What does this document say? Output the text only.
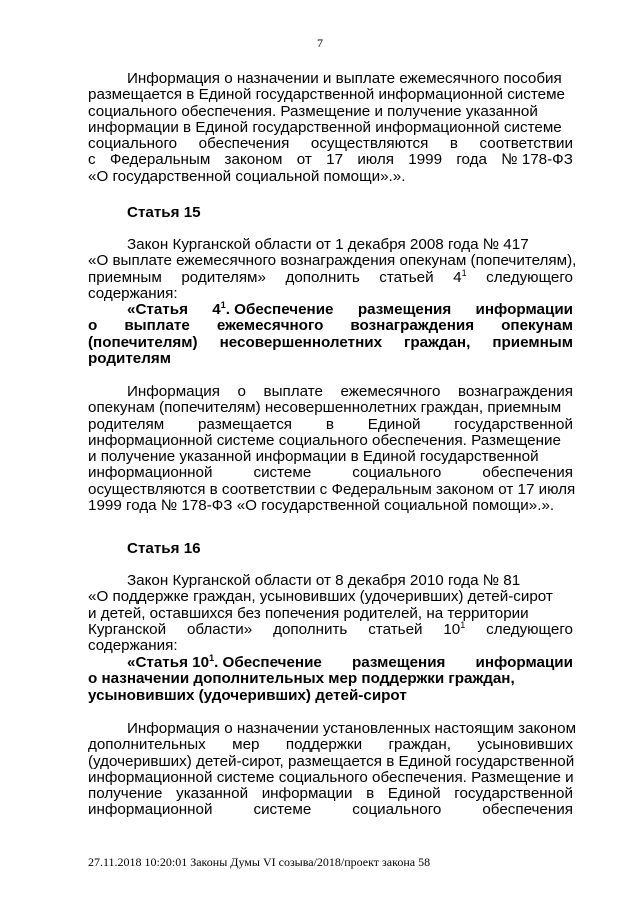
7
Информация о назначении и выплате ежемесячного пособия
размещается в Единой государственной информационной системе
социального обеспечения. Размещение и получение указанной
информации в Единой государственной информационной системе
социального обеспечения осуществляются в соответствии
с Федеральным законом от 17 июля 1999 года № 178-ФЗ
«О государственной социальной помощи».».
Статья 15
Закон Курганской области от 1 декабря 2008 года № 417
«О выплате ежемесячного вознаграждения опекунам (попечителям),
приемным родителям» дополнить статьей $4^1$ следующего
содержания:
«Статья $4^1$. Обеспечение размещения информации
о выплате ежемесячного вознаграждения опекунам
(попечителям) несовершеннолетних граждан, приемным
родителям
Информация о выплате ежемесячного вознаграждения
опекунам (попечителям) несовершеннолетних граждан, приемным
родителям размещается в Единой государственной
информационной системе социального обеспечения. Размещение
и получение указанной информации в Единой государственной
информационной	системе	социального	обеспечения
осуществляются в соответствии с Федеральным законом от 17 июля
1999 года № 178-ФЗ «О государственной социальной помощи».».
Статья 16
Закон Курганской области от 8 декабря 2010 года № 81
«О поддержке граждан, усыновивших (удочеривших) детей-сирот
и детей, оставшихся без попечения родителей, на территории
Курганской области» дополнить статьей $10^1$ следующего
содержания:
«Статья $10^1$. Обеспечение размещения информации
о назначении дополнительных мер поддержки граждан,
усыновивших (удочеривших) детей-сирот
Информация о назначении установленных настоящим законом
дополнительных мер поддержки граждан, усыновивших
(удочеривших) детей-сирот, размещается в Единой государственной
информационной системе социального обеспечения. Размещение и
получение указанной информации в Единой государственной
информационной	системе	социального	обеспечения
27.11.2018 10:20:01 Законы Думы VI созыва/2018/проект закона 58
